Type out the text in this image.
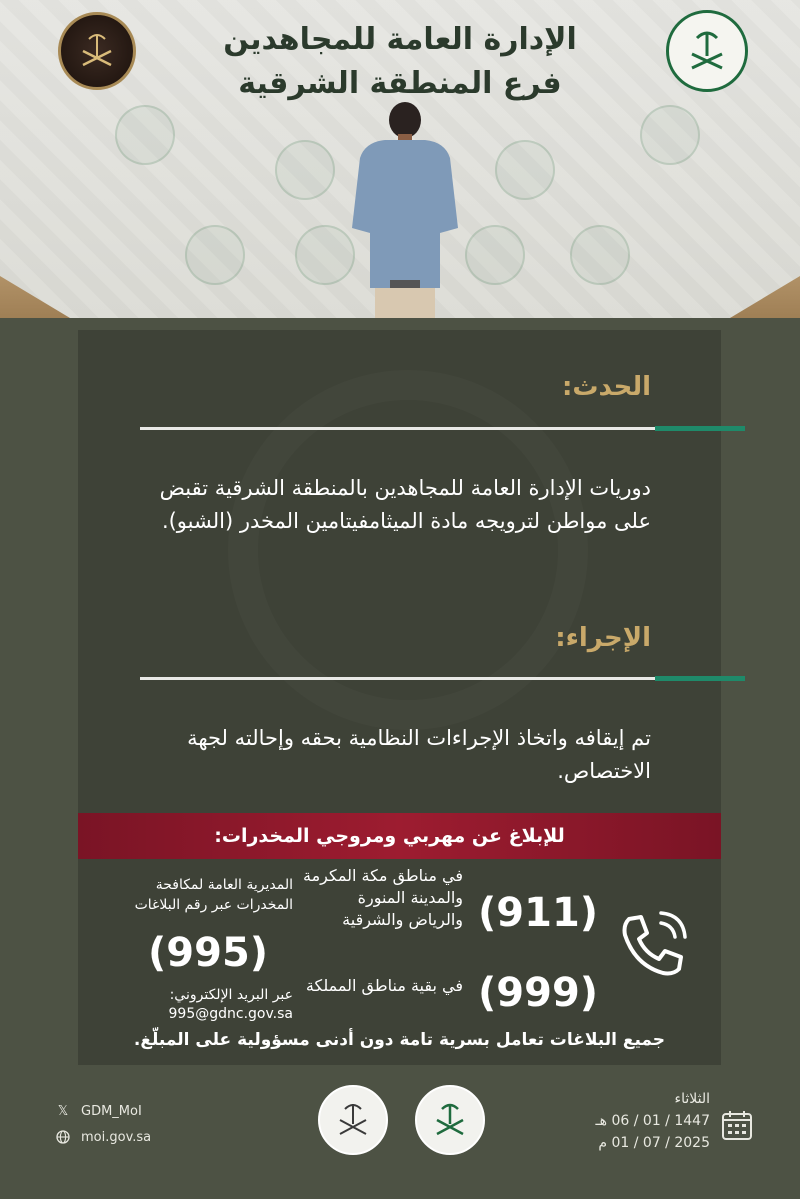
الإدارة العامة للمجاهدين
فرع المنطقة الشرقية
الحدث:
دوريات الإدارة العامة للمجاهدين بالمنطقة الشرقية تقبض على مواطن لترويجه مادة الميثامفيتامين المخدر (الشبو).
الإجراء:
تم إيقافه واتخاذ الإجراءات النظامية بحقه وإحالته لجهة الاختصاص.
للإبلاغ عن مهربي ومروجي المخدرات:
(911)
في مناطق مكة المكرمة والمدينة المنورة والرياض والشرقية
(999)
في بقية مناطق المملكة
المديرية العامة لمكافحة المخدرات عبر رقم البلاغات
(995)
عبر البريد الإلكتروني:
995@gdnc.gov.sa
جميع البلاغات تعامل بسرية تامة دون أدنى مسؤولية على المبلّغ.
𝕏 GDM_MoI
moi.gov.sa
الثلاثاء
1447 / 01 / 06 هـ
2025 / 07 / 01 م
